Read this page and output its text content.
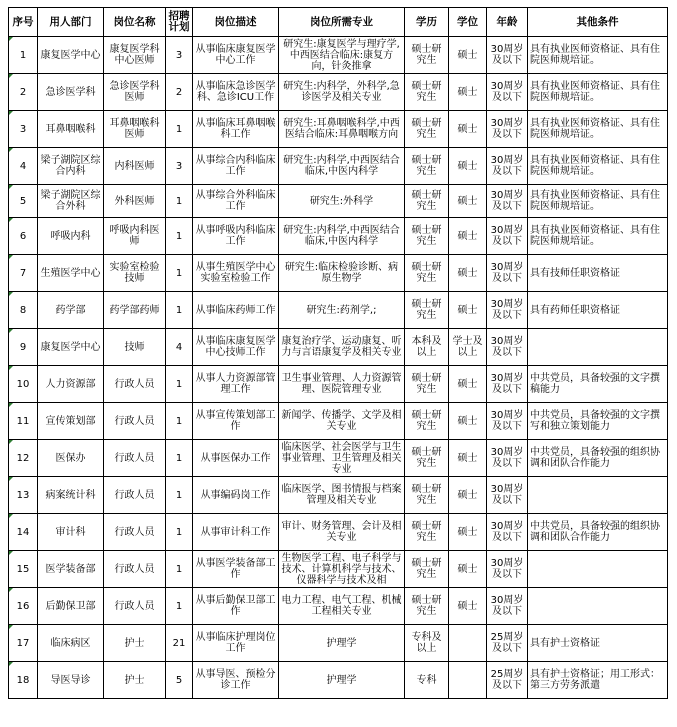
序号	用人部门	岗位名称	招聘计划	岗位描述	岗位所需专业	学历	学位	年龄	其他条件
1	康复医学中心	康复医学科中心医师	3	从事临床康复医学中心工作	研究生:康复医学与理疗学,中西医结合临床:康复方向，针灸推拿	硕士研究生	硕士	30周岁及以下	具有执业医师资格证、具有住院医师规培证。
2	急诊医学科	急诊医学科医师	2	从事临床急诊医学科、急诊ICU工作	研究生:内科学，外科学,急诊医学及相关专业	硕士研究生	硕士	30周岁及以下	具有执业医师资格证、具有住院医师规培证。
3	耳鼻咽喉科	耳鼻咽喉科医师	1	从事临床耳鼻咽喉科工作	研究生:耳鼻咽喉科学,中西医结合临床:耳鼻咽喉方向	硕士研究生	硕士	30周岁及以下	具有执业医师资格证、具有住院医师规培证。
4	梁子湖院区综合内科	内科医师	3	从事综合内科临床工作	研究生:内科学,中西医结合临床,中医内科学	硕士研究生	硕士	30周岁及以下	具有执业医师资格证、具有住院医师规培证。
5	梁子湖院区综合外科	外科医师	1	从事综合外科临床工作	研究生:外科学	硕士研究生	硕士	30周岁及以下	具有执业医师资格证、具有住院医师规培证。
6	呼吸内科	呼吸内科医师	1	从事呼吸内科临床工作	研究生:内科学,中西医结合临床,中医内科学	硕士研究生	硕士	30周岁及以下	具有执业医师资格证、具有住院医师规培证。
7	生殖医学中心	实验室检验技师	1	从事生殖医学中心实验室检验工作	研究生:临床检验诊断、病原生物学	硕士研究生	硕士	30周岁及以下	具有技师任职资格证
8	药学部	药学部药师	1	从事临床药师工作	研究生:药剂学,;	硕士研究生	硕士	30周岁及以下	具有药师任职资格证
9	康复医学中心	技师	4	从事临床康复医学中心技师工作	康复治疗学、运动康复、听力与言语康复学及相关专业	本科及以上	学士及以上	30周岁及以下	
10	人力资源部	行政人员	1	从事人力资源部管理工作	卫生事业管理、人力资源管理、医院管理专业	硕士研究生	硕士	30周岁及以下	中共党员，具备较强的文字撰稿能力
11	宣传策划部	行政人员	1	从事宣传策划部工作	新闻学、传播学、文学及相关专业	硕士研究生	硕士	30周岁及以下	中共党员，具备较强的文字撰写和独立策划能力
12	医保办	行政人员	1	从事医保办工作	临床医学、社会医学与卫生事业管理、卫生管理及相关专业	硕士研究生	硕士	30周岁及以下	中共党员，具备较强的组织协调和团队合作能力
13	病案统计科	行政人员	1	从事编码岗工作	临床医学、图书情报与档案管理及相关专业	硕士研究生	硕士	30周岁及以下	
14	审计科	行政人员	1	从事审计科工作	审计、财务管理、会计及相关专业	硕士研究生	硕士	30周岁及以下	中共党员，具备较强的组织协调和团队合作能力
15	医学装备部	行政人员	1	从事医学装备部工作	生物医学工程、电子科学与技术、计算机科学与技术、仪器科学与技术及相	硕士研究生	硕士	30周岁及以下	
16	后勤保卫部	行政人员	1	从事后勤保卫部工作	电力工程、电气工程、机械工程相关专业	硕士研究生	硕士	30周岁及以下	
17	临床病区	护士	21	从事临床护理岗位工作	护理学	专科及以上		25周岁及以下	具有护士资格证
18	导医导诊	护士	5	从事导医、预检分诊工作	护理学	专科		25周岁及以下	具有护士资格证；用工形式：第三方劳务派遣
